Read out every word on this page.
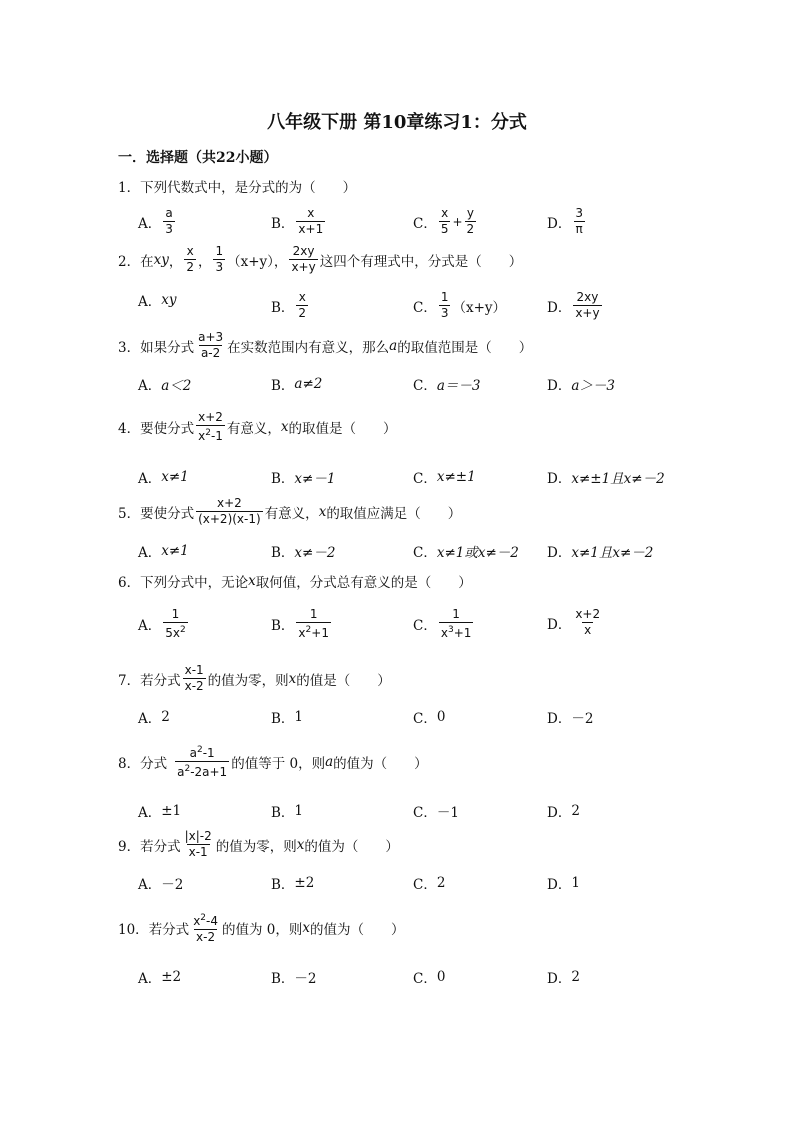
八年级下册 第10章练习1：分式
一．选择题（共22小题）
1． 下列代数式中，是分式的为（　　）
A． $\frac{a}{3}$	B． $\frac{x}{x+1}$	C． $\frac{x}{5} + \frac{y}{2}$	D． $\frac{3}{\pi}$
2． 在 xy ， $\frac{x}{2}$ ， $\frac{1}{3} (x+y)$， $\frac{2xy}{x+y}$ 这四个有理式中，分式是（　　）
A． xy	B． $\frac{x}{2}$	C． $\frac{1}{3} (x+y)$	D． $\frac{2xy}{x+y}$
3． 如果分式 $\frac{a+3}{a-2}$ 在实数范围内有意义，那么 a 的取值范围是（　　）
A． a＜2	B． a≠2	C． a＝－3	D． a＞－3
4． 要使分式 $\frac{x+2}{x^2-1}$ 有意义， x 的取值是（　　）
A． x≠1	B． x≠－1	C． x≠±1	D． x≠±1且x≠－2
5． 要使分式 $\frac{x+2}{(x+2)(x-1)}$ 有意义， x 的取值应满足（　　）
A． x≠1	B． x≠－2	C． x≠1或x≠－2 D． x≠1且x≠－2
6． 下列分式中，无论 x 取何值，分式总有意义的是（　　）
A． $\frac{1}{5x^2}$	B． $\frac{1}{x^2+1}$	C． $\frac{1}{x^3+1}$	D． $\frac{x+2}{x}$
7． 若分式 $\frac{x-1}{x-2}$ 的值为零，则 x 的值是（　　）
A． 2	B． 1	C． 0	D． －2
8． 分式 $\frac{a^2-1}{a^2-2a+1}$ 的值等于 0，则 a 的值为（　　）
A． ±1	B． 1	C． －1	D． 2
9． 若分式 $\frac{|x|-2}{x-1}$ 的值为零，则 x 的值为（　　）
A． －2	B． ±2	C． 2	D． 1
10． 若分式 $\frac{x^2-4}{x-2}$ 的值为 0，则 x 的值为（　　）
A． ±2	B． －2	C． 0	D． 2
